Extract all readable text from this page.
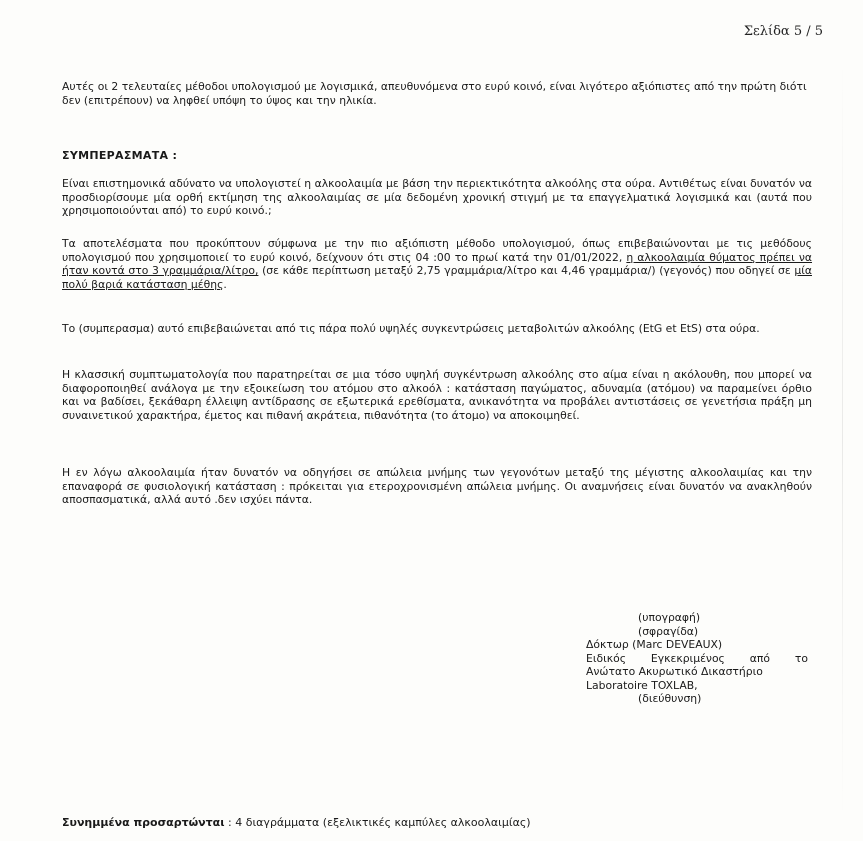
Σελίδα 5 / 5

Αυτές οι 2 τελευταίες μέθοδοι υπολογισμού με λογισμικά, απευθυνόμενα στο ευρύ κοινό, είναι λιγότερο αξιόπιστες από την πρώτη διότι δεν (επιτρέπουν) να ληφθεί υπόψη το ύψος και την ηλικία.

ΣΥΜΠΕΡΑΣΜΑΤΑ :

Είναι επιστημονικά αδύνατο να υπολογιστεί η αλκοολαιμία με βάση την περιεκτικότητα αλκοόλης στα ούρα. Αντιθέτως είναι δυνατόν να προσδιορίσουμε μία ορθή εκτίμηση της αλκοολαιμίας σε μία δεδομένη χρονική στιγμή με τα επαγγελματικά λογισμικά και (αυτά που χρησιμοποιούνται από) το ευρύ κοινό.;

Τα αποτελέσματα που προκύπτουν σύμφωνα με την πιο αξιόπιστη μέθοδο υπολογισμού, όπως επιβεβαιώνονται με τις μεθόδους υπολογισμού που χρησιμοποιεί το ευρύ κοινό, δείχνουν ότι στις 04 :00 το πρωί κατά την 01/01/2022, η αλκοολαιμία θύματος πρέπει να ήταν κοντά στο 3 γραμμάρια/λίτρο, (σε κάθε περίπτωση μεταξύ 2,75 γραμμάρια/λίτρο και 4,46 γραμμάρια/) (γεγονός) που οδηγεί σε μία πολύ βαριά κατάσταση μέθης.

Το (συμπερασμα) αυτό επιβεβαιώνεται από τις πάρα πολύ υψηλές συγκεντρώσεις μεταβολιτών αλκοόλης (EtG et EtS) στα ούρα.

Η κλασσική συμπτωματολογία που παρατηρείται σε μια τόσο υψηλή συγκέντρωση αλκοόλης στο αίμα είναι η ακόλουθη, που μπορεί να διαφοροποιηθεί ανάλογα με την εξοικείωση του ατόμου στο αλκοόλ : κατάσταση παγώματος, αδυναμία (ατόμου) να παραμείνει όρθιο και να βαδίσει, ξεκάθαρη έλλειψη αντίδρασης σε εξωτερικά ερεθίσματα, ανικανότητα να προβάλει αντιστάσεις σε γενετήσια πράξη μη συναινετικού χαρακτήρα, έμετος και πιθανή ακράτεια, πιθανότητα (το άτομο) να αποκοιμηθεί.

Η εν λόγω αλκοολαιμία ήταν δυνατόν να οδηγήσει σε απώλεια μνήμης των γεγονότων μεταξύ της μέγιστης αλκοολαιμίας και την επαναφορά σε φυσιολογική κατάσταση : πρόκειται για ετεροχρονισμένη απώλεια μνήμης. Οι αναμνήσεις είναι δυνατόν να ανακληθούν αποσπασματικά, αλλά αυτό .δεν ισχύει πάντα.

(υπογραφή)
(σφραγίδα)
Δόκτωρ (Marc DEVEAUX)
Ειδικός Εγκεκριμένος από το
Ανώτατο Ακυρωτικό Δικαστήριο
Laboratoire TOXLAB,
(διεύθυνση)
Συνημμένα προσαρτώνται : 4 διαγράμματα (εξελικτικές καμπύλες αλκοολαιμίας)
